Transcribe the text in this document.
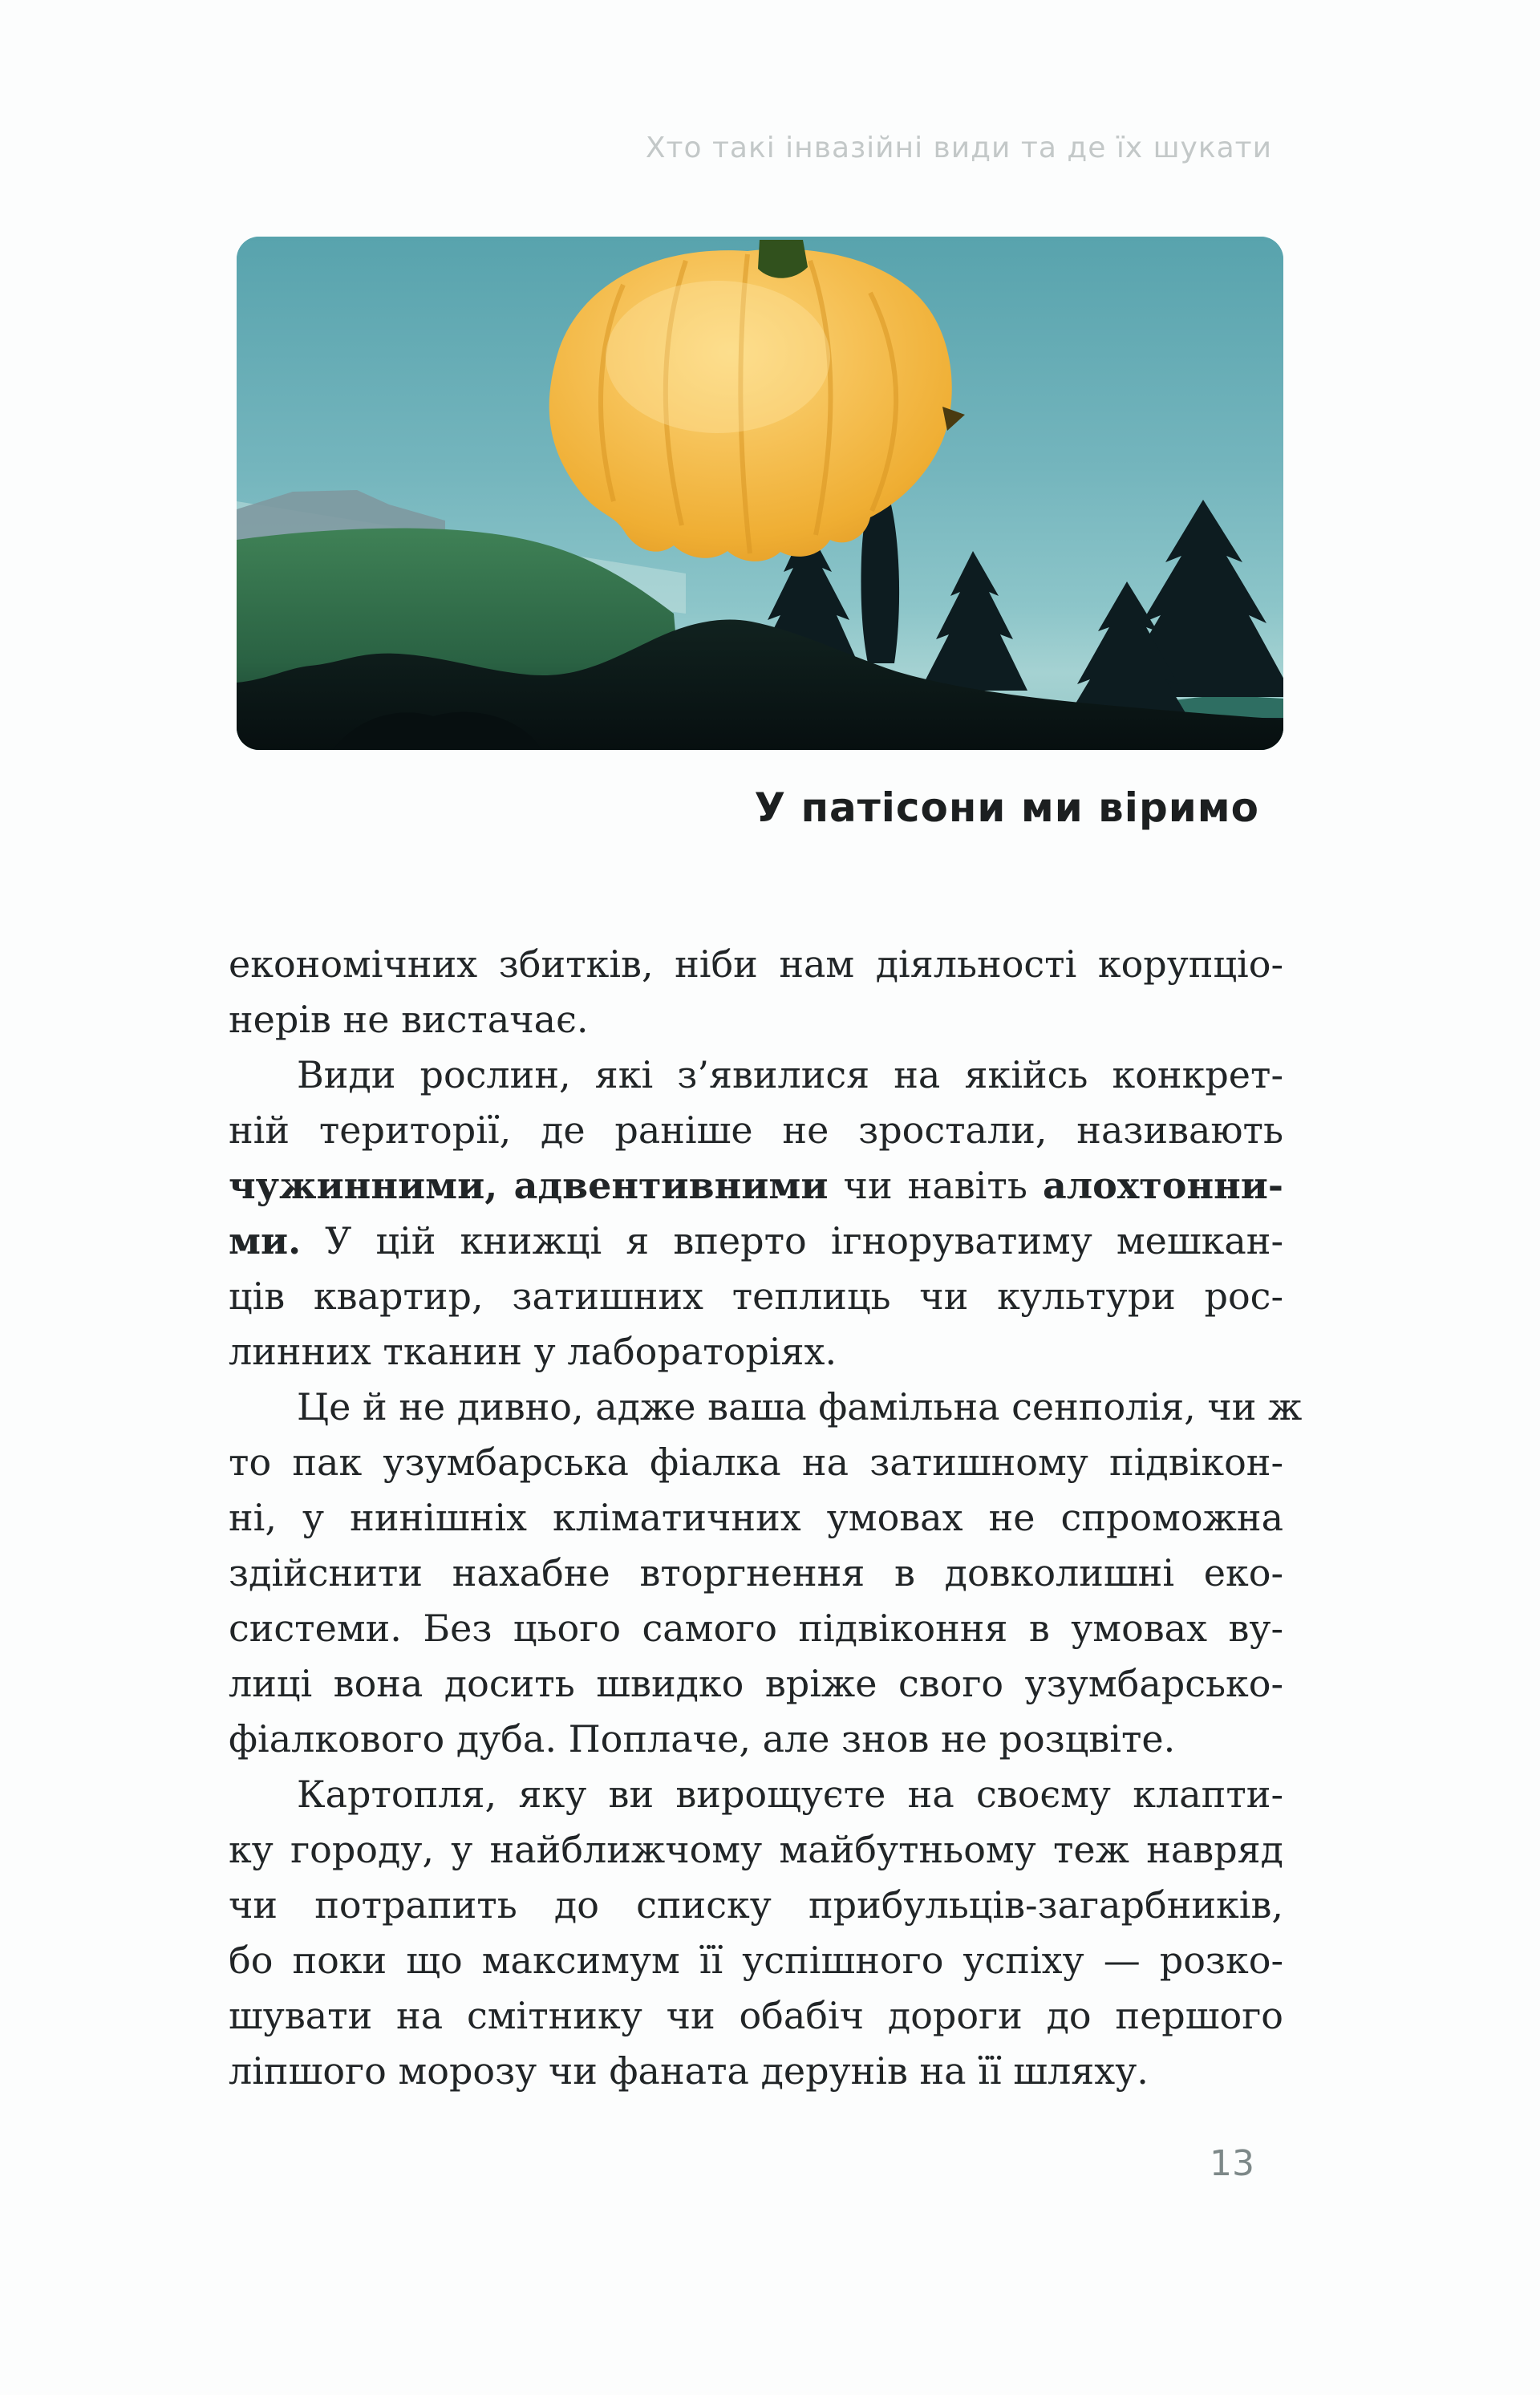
Хто такі інвазійні види та де їх шукати
У патісони ми віримо
економічних збитків, ніби нам діяльності корупціо-
нерів не вистачає.
Види рослин, які з’явилися на якійсь конкрет-
ній території, де раніше не зростали, називають
чужинними, адвентивними чи навіть алохтонни-
ми. У цій книжці я вперто ігноруватиму мешкан-
ців квартир, затишних теплиць чи культури рос-
линних тканин у лабораторіях.
Це й не дивно, адже ваша фамільна сенполія, чи ж
то пак узумбарська фіалка на затишному підвікон-
ні, у нинішніх кліматичних умовах не спроможна
здійснити нахабне вторгнення в довколишні еко-
системи. Без цього самого підвіконня в умовах ву-
лиці вона досить швидко вріже свого узумбарсько-
фіалкового дуба. Поплаче, але знов не розцвіте.
Картопля, яку ви вирощуєте на своєму клапти-
ку городу, у найближчому майбутньому теж навряд
чи потрапить до списку прибульців-загарбників,
бо поки що максимум її успішного успіху — розко-
шувати на смітнику чи обабіч дороги до першого
ліпшого морозу чи фаната дерунів на її шляху.
13
